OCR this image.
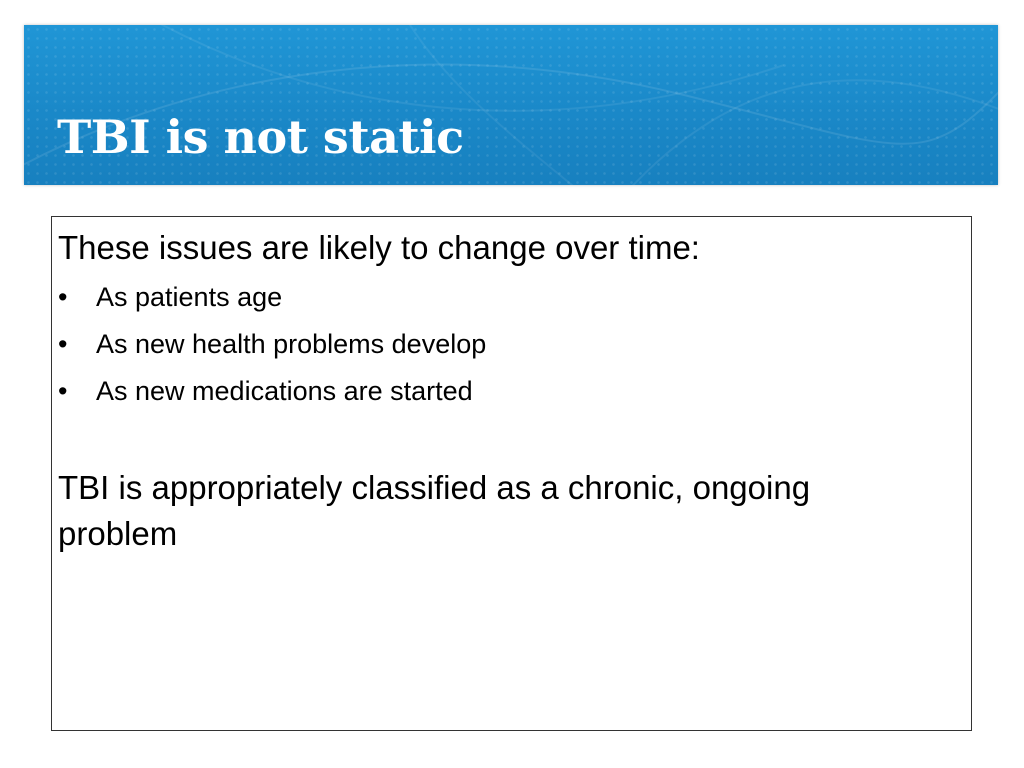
TBI is not static

These issues are likely to change over time:

•	As patients age
•	As new health problems develop
•	As new medications are started

TBI is appropriately classified as a chronic, ongoing problem
